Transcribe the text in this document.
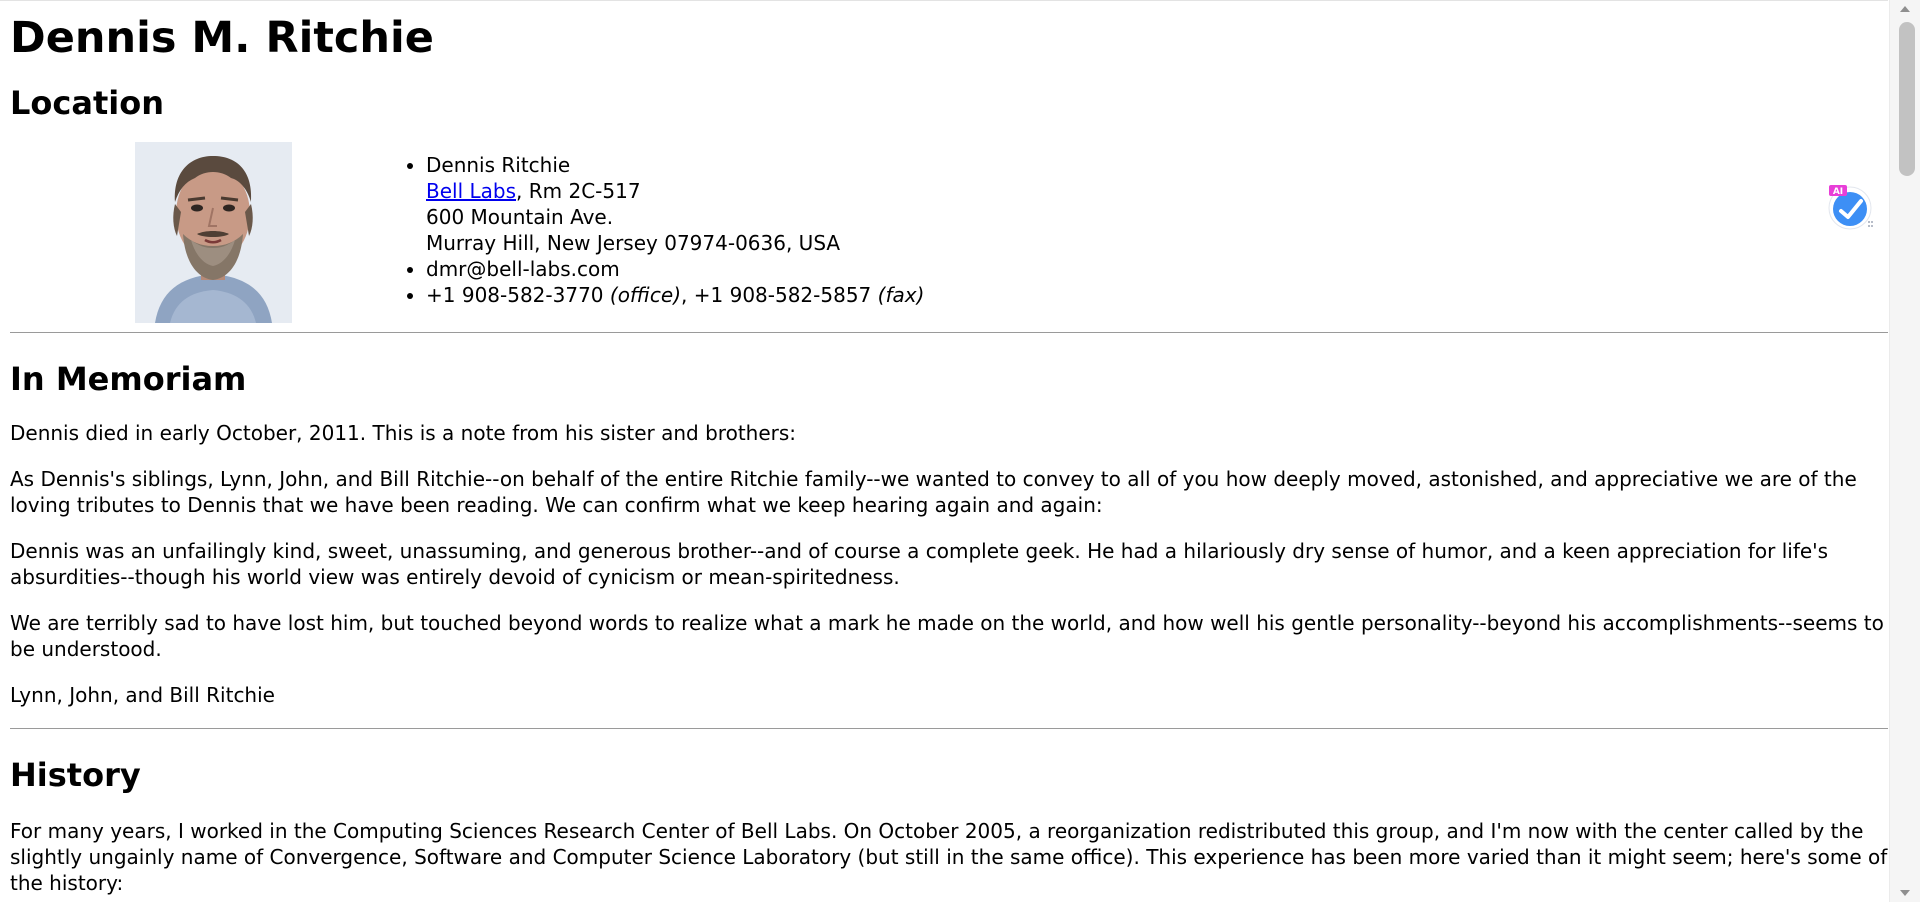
Dennis M. Ritchie
Location
• Dennis Ritchie
Bell Labs, Rm 2C-517
600 Mountain Ave.
Murray Hill, New Jersey 07974-0636, USA
• dmr@bell-labs.com
• +1 908-582-3770 (office), +1 908-582-5857 (fax)
In Memoriam

Dennis died in early October, 2011. This is a note from his sister and brothers:

As Dennis's siblings, Lynn, John, and Bill Ritchie--on behalf of the entire Ritchie family--we wanted to convey to all of you how deeply moved, astonished, and appreciative we are of the loving tributes to Dennis that we have been reading. We can confirm what we keep hearing again and again:

Dennis was an unfailingly kind, sweet, unassuming, and generous brother--and of course a complete geek. He had a hilariously dry sense of humor, and a keen appreciation for life's absurdities--though his world view was entirely devoid of cynicism or mean-spiritedness.

We are terribly sad to have lost him, but touched beyond words to realize what a mark he made on the world, and how well his gentle personality--beyond his accomplishments--seems to be understood.

Lynn, John, and Bill Ritchie

History

For many years, I worked in the Computing Sciences Research Center of Bell Labs. On October 2005, a reorganization redistributed this group, and I'm now with the center called by the slightly ungainly name of Convergence, Software and Computer Science Laboratory (but still in the same office). This experience has been more varied than it might seem; here's some of the history:

AI
